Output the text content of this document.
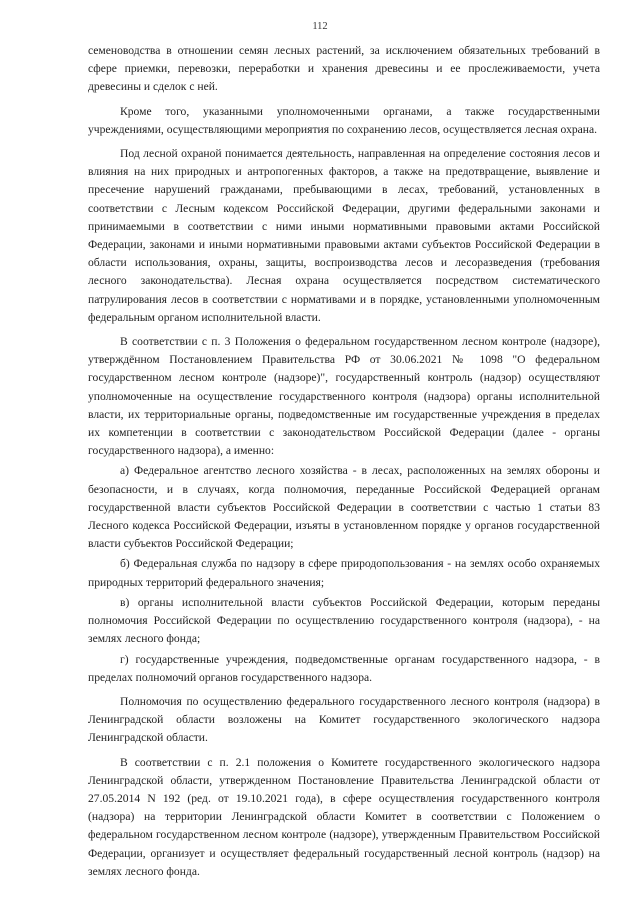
112

семеноводства в отношении семян лесных растений, за исключением обязательных требований в сфере приемки, перевозки, переработки и хранения древесины и ее прослеживаемости, учета древесины и сделок с ней.

Кроме того, указанными уполномоченными органами, а также государственными учреждениями, осуществляющими мероприятия по сохранению лесов, осуществляется лесная охрана.

Под лесной охраной понимается деятельность, направленная на определение состояния лесов и влияния на них природных и антропогенных факторов, а также на предотвращение, выявление и пресечение нарушений гражданами, пребывающими в лесах, требований, установленных в соответствии с Лесным кодексом Российской Федерации, другими федеральными законами и принимаемыми в соответствии с ними иными нормативными правовыми актами Российской Федерации, законами и иными нормативными правовыми актами субъектов Российской Федерации в области использования, охраны, защиты, воспроизводства лесов и лесоразведения (требования лесного законодательства). Лесная охрана осуществляется посредством систематического патрулирования лесов в соответствии с нормативами и в порядке, установленными уполномоченным федеральным органом исполнительной власти.

В соответствии с п. 3 Положения о федеральном государственном лесном контроле (надзоре), утверждённом Постановлением Правительства РФ от 30.06.2021 № 1098 "О федеральном государственном лесном контроле (надзоре)", государственный контроль (надзор) осуществляют уполномоченные на осуществление государственного контроля (надзора) органы исполнительной власти, их территориальные органы, подведомственные им государственные учреждения в пределах их компетенции в соответствии с законодательством Российской Федерации (далее - органы государственного надзора), а именно:

а) Федеральное агентство лесного хозяйства - в лесах, расположенных на землях обороны и безопасности, и в случаях, когда полномочия, переданные Российской Федерацией органам государственной власти субъектов Российской Федерации в соответствии с частью 1 статьи 83 Лесного кодекса Российской Федерации, изъяты в установленном порядке у органов государственной власти субъектов Российской Федерации;

б) Федеральная служба по надзору в сфере природопользования - на землях особо охраняемых природных территорий федерального значения;

в) органы исполнительной власти субъектов Российской Федерации, которым переданы полномочия Российской Федерации по осуществлению государственного контроля (надзора), - на землях лесного фонда;

г) государственные учреждения, подведомственные органам государственного надзора, - в пределах полномочий органов государственного надзора.

Полномочия по осуществлению федерального государственного лесного контроля (надзора) в Ленинградской области возложены на Комитет государственного экологического надзора Ленинградской области.

В соответствии с п. 2.1 положения о Комитете государственного экологического надзора Ленинградской области, утвержденном Постановление Правительства Ленинградской области от 27.05.2014 N 192 (ред. от 19.10.2021 года), в сфере осуществления государственного контроля (надзора) на территории Ленинградской области Комитет в соответствии с Положением о федеральном государственном лесном контроле (надзоре), утвержденным Правительством Российской Федерации, организует и осуществляет федеральный государственный лесной контроль (надзор) на землях лесного фонда.
